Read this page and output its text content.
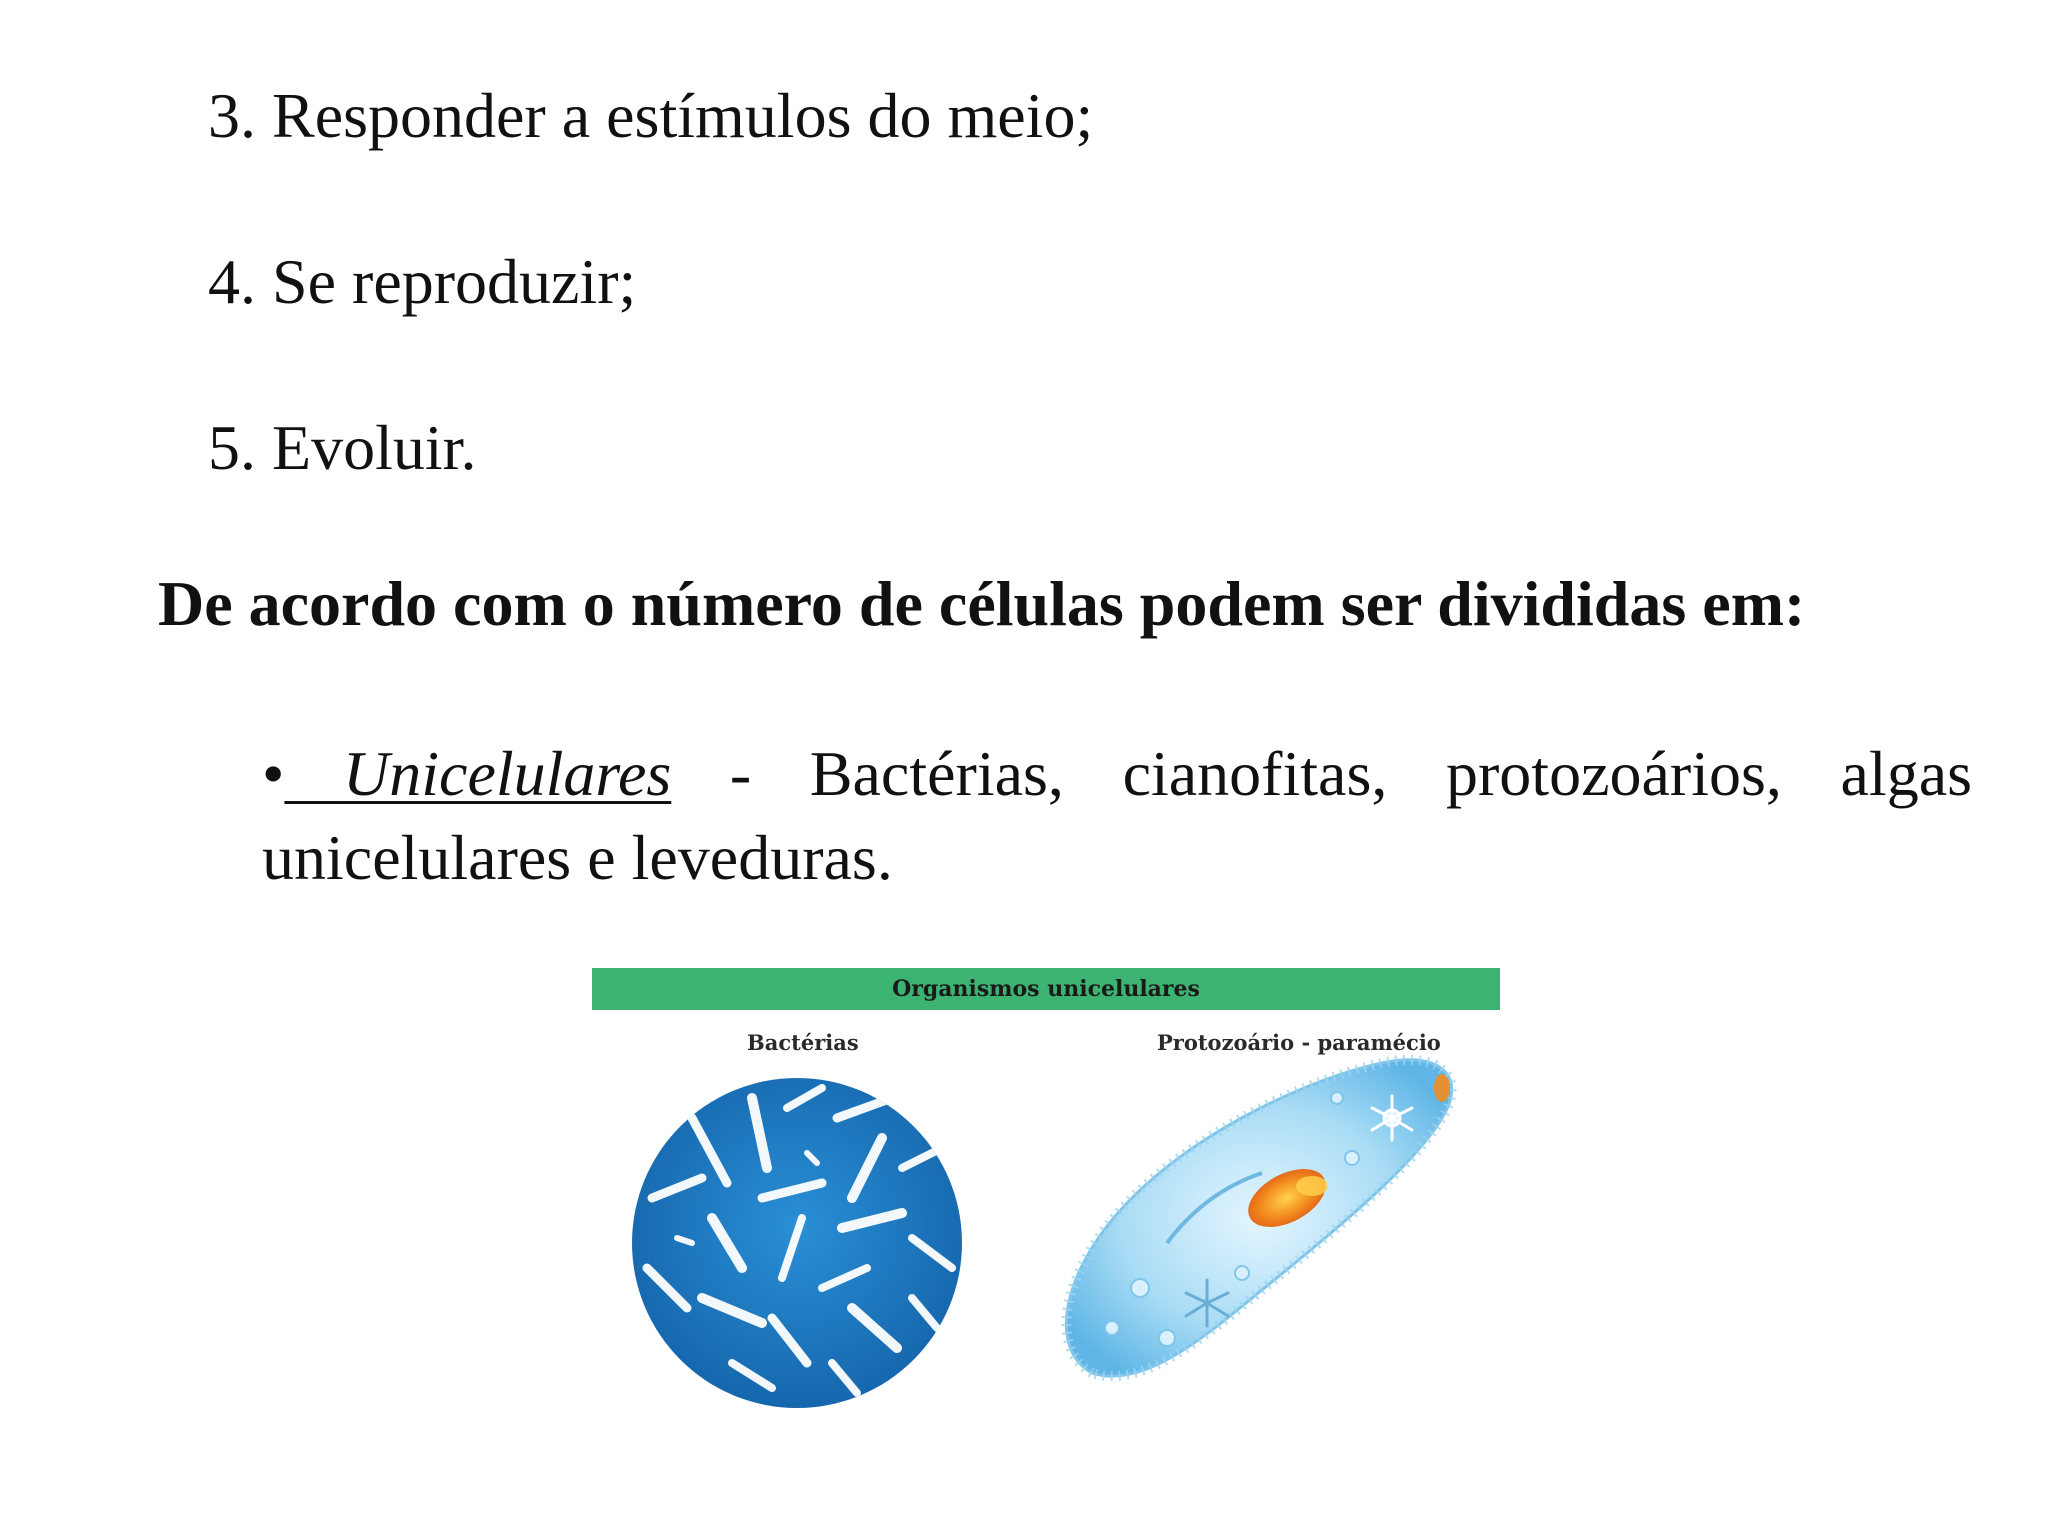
3. Responder a estímulos do meio;
4. Se reproduzir;
5. Evoluir.
De acordo com o número de células podem ser divididas em:
• Unicelulares - Bactérias, cianofitas, protozoários, algas unicelulares e leveduras.
Organismos unicelulares
Bactérias	Protozoário - paramécio
